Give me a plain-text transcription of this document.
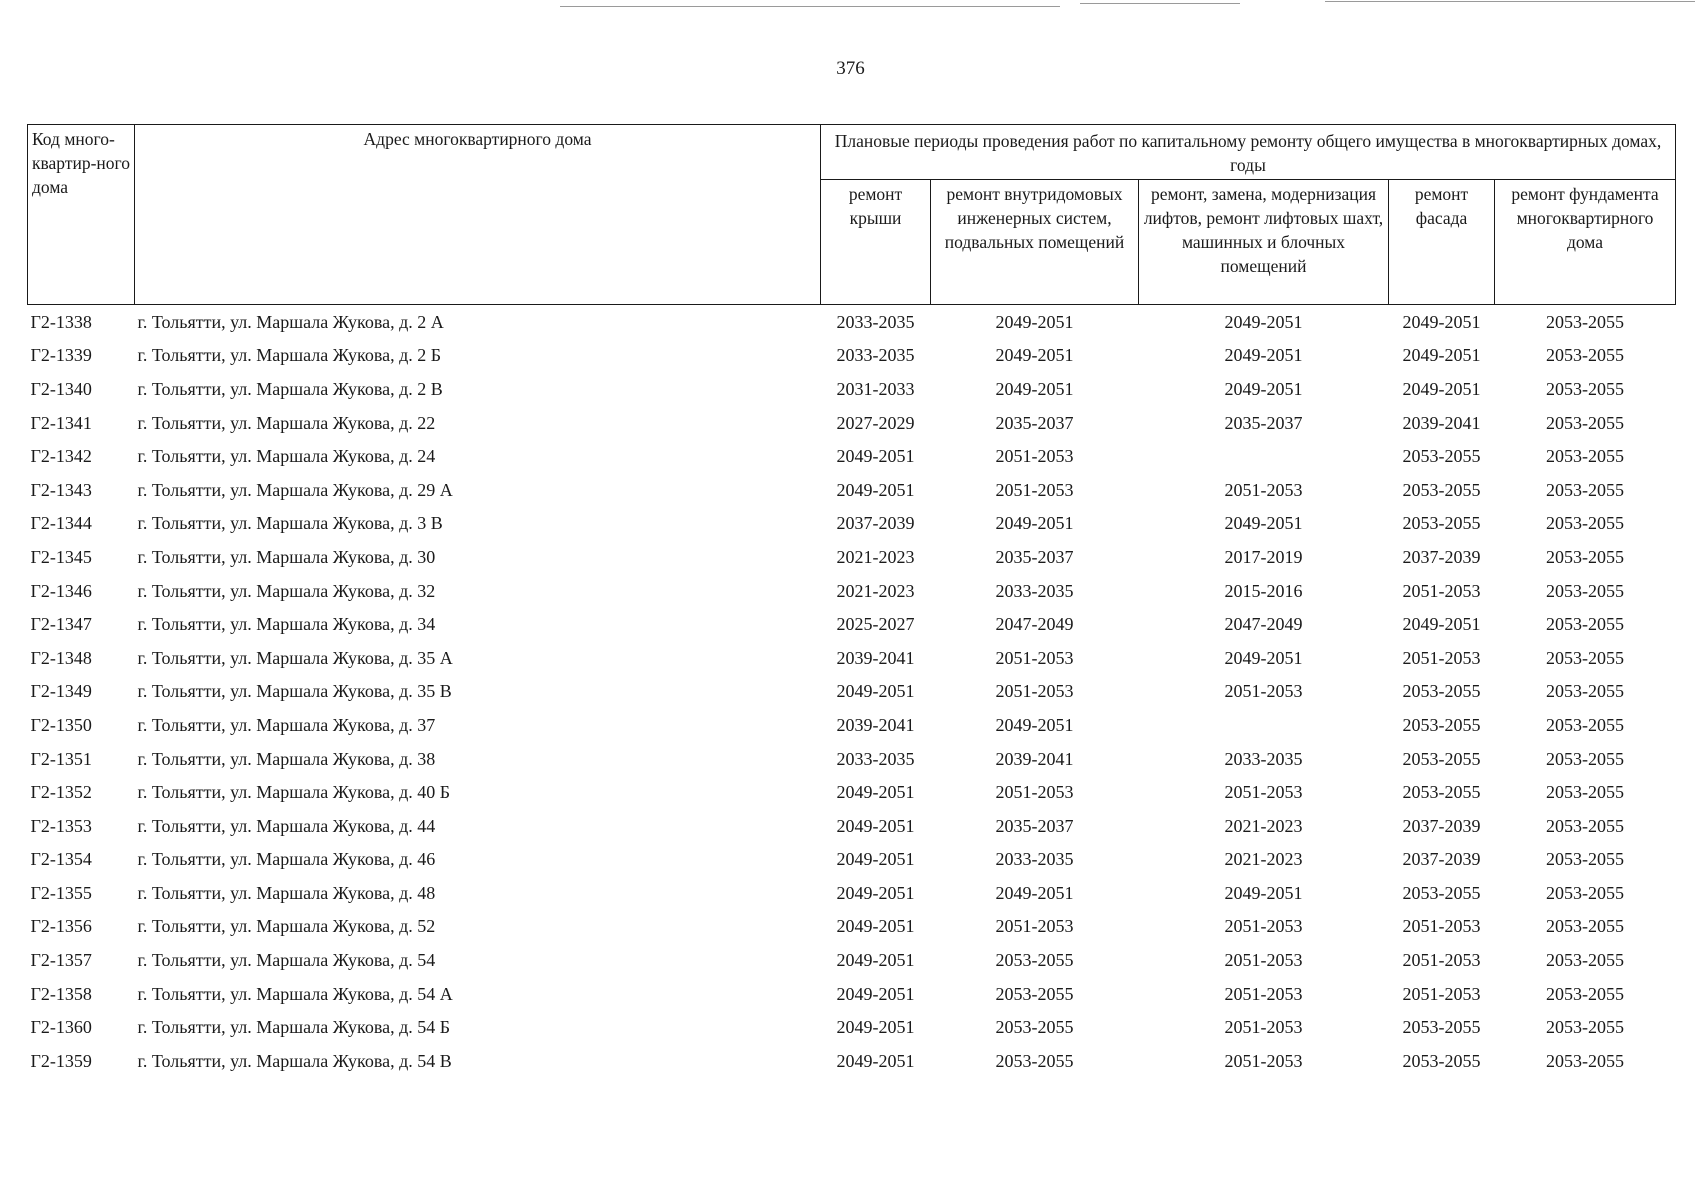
376
Код много-квартир-ного дома	Адрес многоквартирного дома	Плановые периоды проведения работ по капитальному ремонту общего имущества в многоквартирных домах, годы				
		ремонт крыши	ремонт внутридомовых инженерных систем, подвальных помещений	ремонт, замена, модернизация лифтов, ремонт лифтовых шахт, машинных и блочных помещений	ремонт фасада	ремонт фундамента многоквартирного дома
Г2-1338	г. Тольятти, ул. Маршала Жукова, д. 2 А	2033-2035	2049-2051	2049-2051	2049-2051	2053-2055
Г2-1339	г. Тольятти, ул. Маршала Жукова, д. 2 Б	2033-2035	2049-2051	2049-2051	2049-2051	2053-2055
Г2-1340	г. Тольятти, ул. Маршала Жукова, д. 2 В	2031-2033	2049-2051	2049-2051	2049-2051	2053-2055
Г2-1341	г. Тольятти, ул. Маршала Жукова, д. 22	2027-2029	2035-2037	2035-2037	2039-2041	2053-2055
Г2-1342	г. Тольятти, ул. Маршала Жукова, д. 24	2049-2051	2051-2053		2053-2055	2053-2055
Г2-1343	г. Тольятти, ул. Маршала Жукова, д. 29 А	2049-2051	2051-2053	2051-2053	2053-2055	2053-2055
Г2-1344	г. Тольятти, ул. Маршала Жукова, д. 3 В	2037-2039	2049-2051	2049-2051	2053-2055	2053-2055
Г2-1345	г. Тольятти, ул. Маршала Жукова, д. 30	2021-2023	2035-2037	2017-2019	2037-2039	2053-2055
Г2-1346	г. Тольятти, ул. Маршала Жукова, д. 32	2021-2023	2033-2035	2015-2016	2051-2053	2053-2055
Г2-1347	г. Тольятти, ул. Маршала Жукова, д. 34	2025-2027	2047-2049	2047-2049	2049-2051	2053-2055
Г2-1348	г. Тольятти, ул. Маршала Жукова, д. 35 А	2039-2041	2051-2053	2049-2051	2051-2053	2053-2055
Г2-1349	г. Тольятти, ул. Маршала Жукова, д. 35 В	2049-2051	2051-2053	2051-2053	2053-2055	2053-2055
Г2-1350	г. Тольятти, ул. Маршала Жукова, д. 37	2039-2041	2049-2051		2053-2055	2053-2055
Г2-1351	г. Тольятти, ул. Маршала Жукова, д. 38	2033-2035	2039-2041	2033-2035	2053-2055	2053-2055
Г2-1352	г. Тольятти, ул. Маршала Жукова, д. 40 Б	2049-2051	2051-2053	2051-2053	2053-2055	2053-2055
Г2-1353	г. Тольятти, ул. Маршала Жукова, д. 44	2049-2051	2035-2037	2021-2023	2037-2039	2053-2055
Г2-1354	г. Тольятти, ул. Маршала Жукова, д. 46	2049-2051	2033-2035	2021-2023	2037-2039	2053-2055
Г2-1355	г. Тольятти, ул. Маршала Жукова, д. 48	2049-2051	2049-2051	2049-2051	2053-2055	2053-2055
Г2-1356	г. Тольятти, ул. Маршала Жукова, д. 52	2049-2051	2051-2053	2051-2053	2051-2053	2053-2055
Г2-1357	г. Тольятти, ул. Маршала Жукова, д. 54	2049-2051	2053-2055	2051-2053	2051-2053	2053-2055
Г2-1358	г. Тольятти, ул. Маршала Жукова, д. 54 А	2049-2051	2053-2055	2051-2053	2051-2053	2053-2055
Г2-1360	г. Тольятти, ул. Маршала Жукова, д. 54 Б	2049-2051	2053-2055	2051-2053	2053-2055	2053-2055
Г2-1359	г. Тольятти, ул. Маршала Жукова, д. 54 В	2049-2051	2053-2055	2051-2053	2053-2055	2053-2055
